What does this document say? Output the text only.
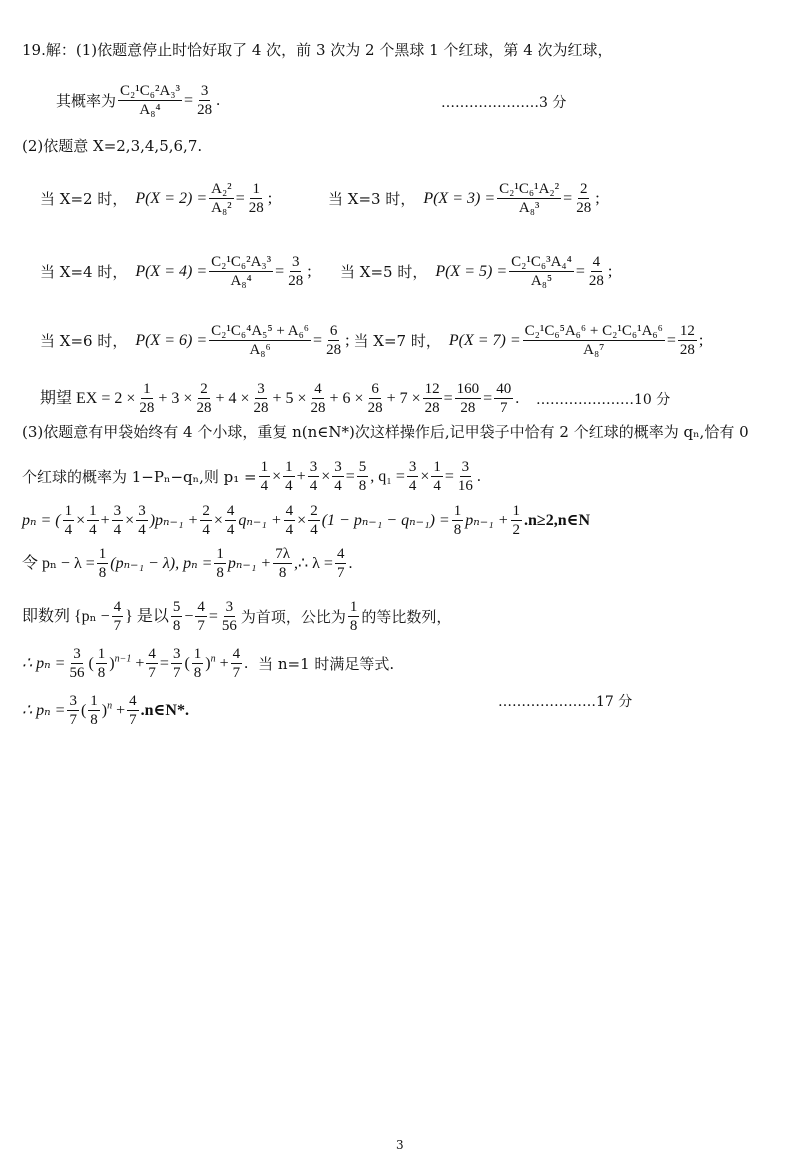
19.解：(1)依题意停止时恰好取了 4 次，前 3 次为 2 个黑球 1 个红球，第 4 次为红球，
其概率为 $\frac{\text{C₂¹C₆²A₃³}}{\text{A₈⁴}} = \frac{3}{28}$ .	…………………3 分
(2)依题意 X=2,3,4,5,6,7.
当 X=2 时， $P(X = 2) = \frac{\text{A₂²}}{\text{A₈²}} = \frac{1}{28}$ ;	当 X=3 时， $P(X = 3) = \frac{\text{C₂¹C₆¹A₂²}}{\text{A₈³}} = \frac{2}{28}$ ;
当 X=4 时， $P(X = 4) = \frac{\text{C₂¹C₆²A₃³}}{\text{A₈⁴}} = \frac{3}{28}$ ; 当 X=5 时， $P(X = 5) = \frac{\text{C₂¹C₆³A₄⁴}}{\text{A₈⁵}} = \frac{4}{28}$ ;
当 X=6 时， $P(X = 6) = \frac{\text{C₂¹C₆⁴A₅⁵ + A₆⁶}}{\text{A₈⁶}} = \frac{6}{28}$ ; 当 X=7 时， $P(X = 7) = \frac{\text{C₂¹C₆⁵A₆⁶ + C₂¹C₆¹A₆⁶}}{\text{A₈⁷}} = \frac{12}{28}$ ;
期望 EX = $2 \times \frac{1}{28} + 3 \times \frac{2}{28} + 4 \times \frac{3}{28} + 5 \times \frac{4}{28} + 6 \times \frac{6}{28} + 7 \times \frac{12}{28} = \frac{160}{28} = \frac{40}{7}$ . …………………10 分
(3)依题意有甲袋始终有 4 个小球，重复 n(n∈N*)次这样操作后,记甲袋子中恰有 2 个红球的概率为 qₙ,恰有 0
个红球的概率为 1−Pₙ−qₙ,则 $p_1 = \frac{1}{4} \times \frac{1}{4} + \frac{3}{4} \times \frac{3}{4} = \frac{5}{8}$ , $q_1 = \frac{3}{4} \times \frac{1}{4} = \frac{3}{16}$ .
pₙ = ( $\frac{1}{4} \times \frac{1}{4} + \frac{3}{4} \times \frac{3}{4} )p_{n-1} + \frac{2}{4} \times \frac{4}{4} q_{n-1} + \frac{4}{4} \times \frac{2}{4} (1 - p_{n-1} - q_{n-1}) = \frac{1}{8} p_{n-1} + \frac{1}{2}$ .n≥2,n∈N
令 $p_n - \lambda = \frac{1}{8} (p_{n-1} - \lambda)$, $p_n = \frac{1}{8} p_{n-1} + \frac{7\lambda}{8}$ ,∴ $\lambda = \frac{4}{7}$ .
即数列 {$p_n - \frac{4}{7}$ } 是以 $\frac{5}{8} - \frac{4}{7} = \frac{3}{56}$ 为首项，公比为 $\frac{1}{8}$ 的等比数列，
∴ $p_n = \frac{3}{56}$ ( $\frac{1}{8} )^{n-1} + \frac{4}{7} = \frac{3}{7}$ ( $\frac{1}{8} )^n + \frac{4}{7}$ . 当 n=1 时满足等式.
∴ $p_n = \frac{3}{7}$ ( $\frac{1}{8} )^n + \frac{4}{7}$ .n∈N*.	…………………17 分
3
